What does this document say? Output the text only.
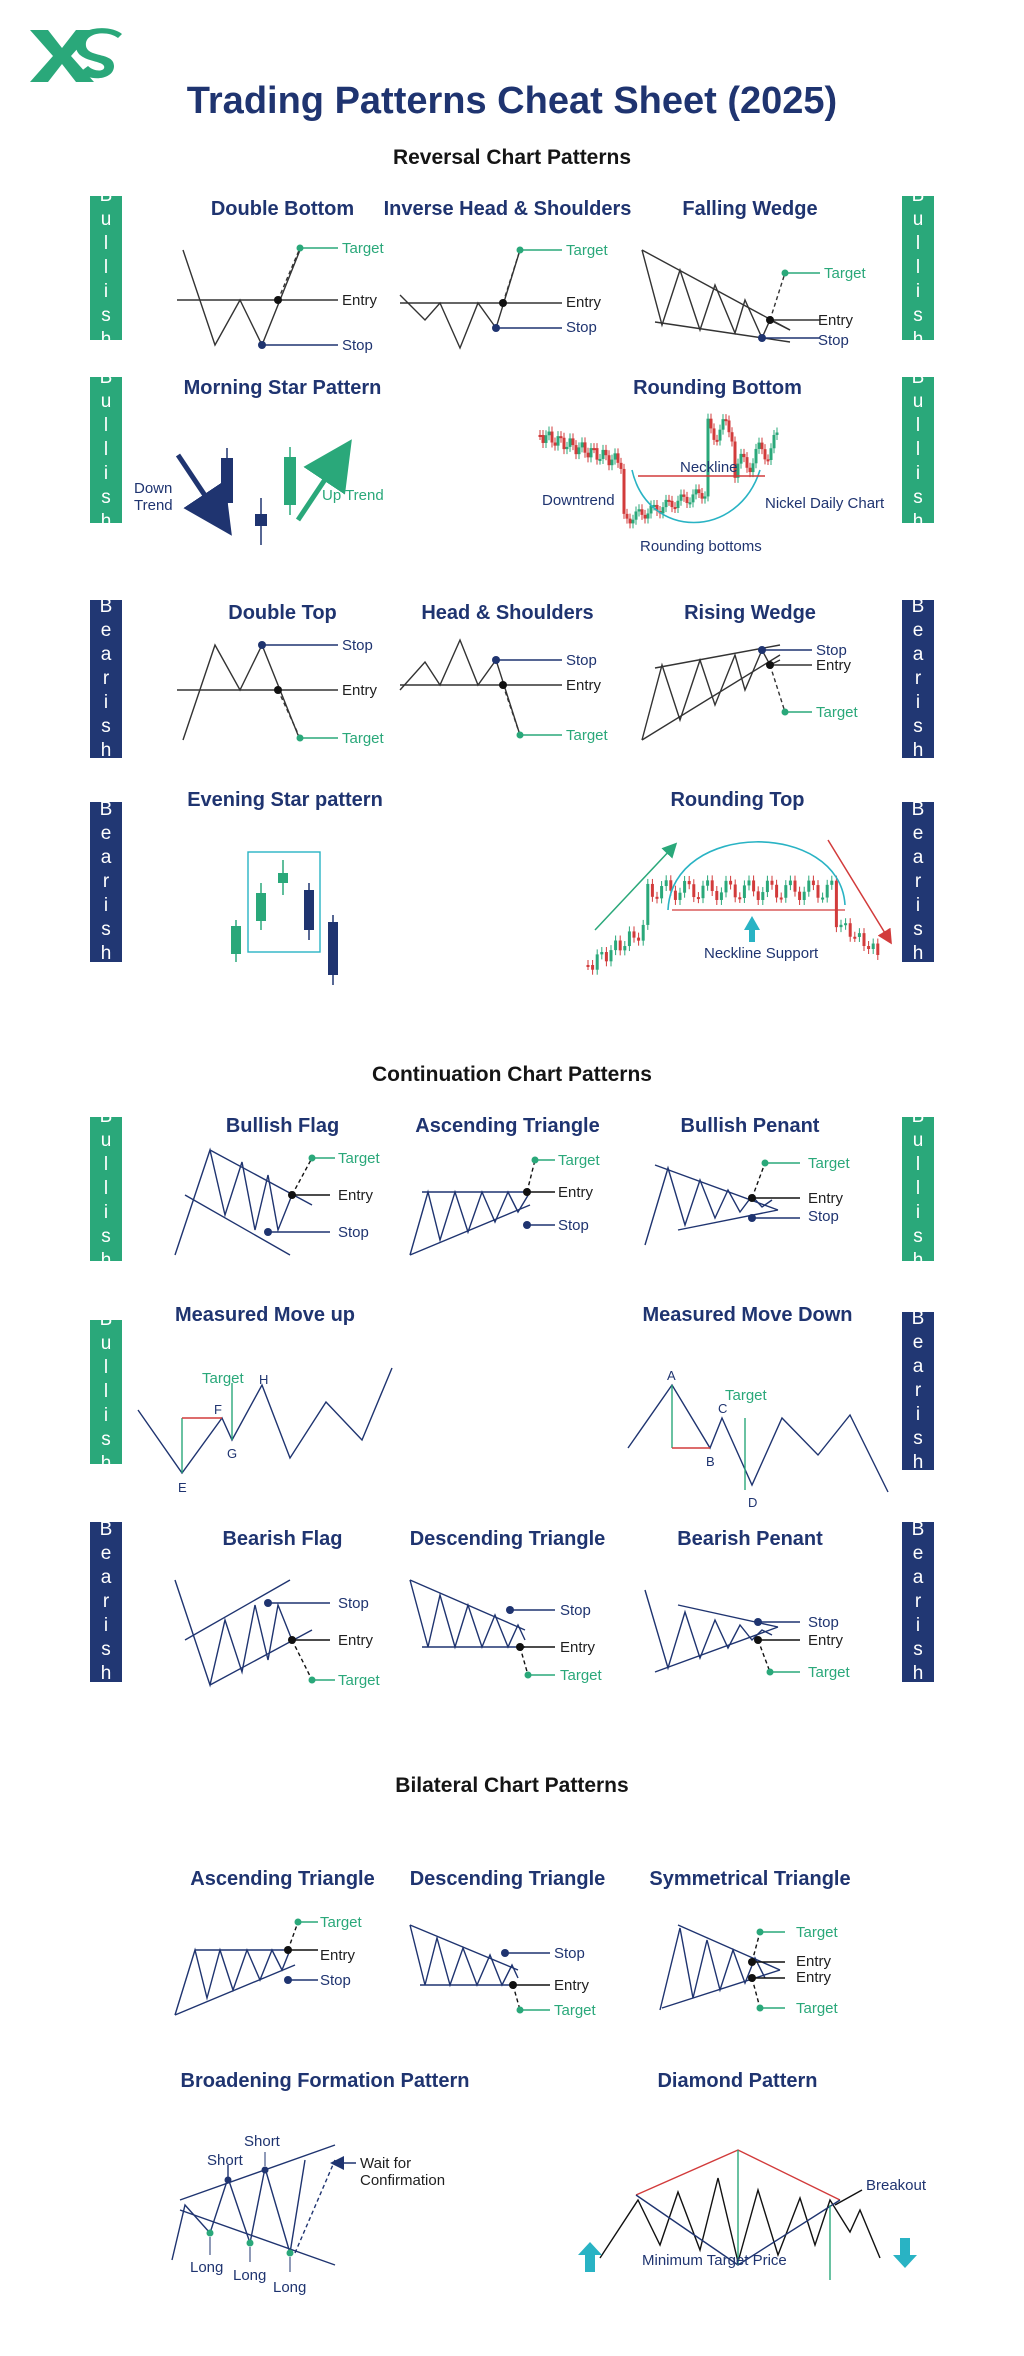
Trading Patterns Cheat Sheet (2025)
Reversal Chart Patterns
Continuation Chart Patterns
Bilateral Chart Patterns
B
u
l
l
i
s
h
B
u
l
l
i
s
h
B
u
l
l
i
s
h
B
u
l
l
i
s
h
B
e
a
r
i
s
h
B
e
a
r
i
s
h
B
e
a
r
i
s
h
B
e
a
r
i
s
h
B
u
l
l
i
s
h
B
u
l
l
i
s
h
B
u
l
l
i
s
h
B
e
a
r
i
s
h
B
e
a
r
i
s
h
B
e
a
r
i
s
h
Double Bottom	Inverse Head & Shoulders	Falling Wedge
Morning Star Pattern	Rounding Bottom
Double Top	Head & Shoulders	Rising Wedge
Evening Star pattern	Rounding Top
Bullish Flag	Ascending Triangle	Bullish Penant
Measured Move up	Measured Move Down
Bearish Flag	Descending Triangle	Bearish Penant
Ascending Triangle	Descending Triangle	Symmetrical Triangle
Broadening Formation Pattern	Diamond Pattern
Target
Entry
Stop
Target
Entry
Stop
Target
Entry
Stop
Down
Trend
Up Trend	Downtrend
Neckline
Nickel Daily Chart
Rounding bottoms
Stop
Entry
Target
Stop
Entry
Target
Stop
Entry
Target
Neckline Support
Target
Entry
Stop
Target
Entry
Stop
Target
Entry
Stop
E
F
G
H
Target	A
B
C
D
Target
Stop
Entry
Target
Stop
Entry
Target
Stop
Entry
Target
Target
Entry
Stop
Stop
Entry
Target
Target
Entry
Entry
Target
Short
Short
Long Long
Long
Wait for
Confirmation	Breakout
Minimum Target Price
